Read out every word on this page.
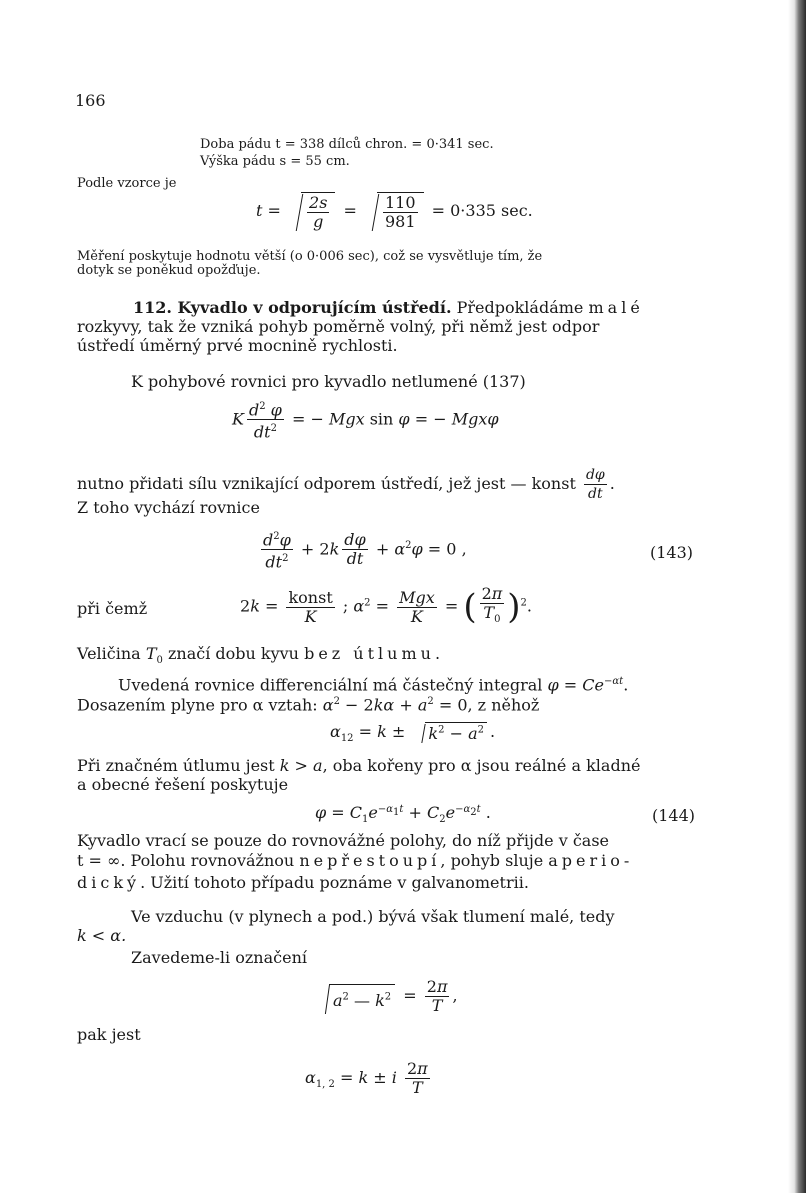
166
Doba pádu t = 338 dílců chron. = 0·341 sec.
Výška pádu s = 55 cm.
Podle vzorce je
$t = \frac{2s}{g} = \frac{110}{981} = 0\cdot 335$ sec.
Měření poskytuje hodnotu větší (o 0·006 sec), což se vysvětluje tím, že
dotyk se poněkud opožďuje.
112. Kyvadlo v odporujícím ústředí. Předpokládáme malé
rozkyvy, tak že vzniká pohyb poměrně volný, při němž jest odpor
ústředí úměrný prvé mocnině rychlosti.
K pohybové rovnici pro kyvadlo netlumené (137)
K $\frac{d^2 \varphi}{dt^2}$ = − Mgx sin φ = − Mgxφ
nutno přidati sílu vznikající odporem ústředí, jež jest — konst $\frac{d\varphi}{dt}$ .
Z toho vychází rovnice
$\frac{d^2\varphi}{dt^2} + 2k \frac{d\varphi}{dt} + \alpha^2\varphi = 0$ ,	(143)
při čemž	$2k = \frac{\text{konst}}{K}$ ; $\alpha^2 = \frac{\text{Mgx}}{K}$ = ( $\frac{2\pi}{T_0} )^2$.
Veličina $T_0$ značí dobu kyvu bez útlumu.
Uvedená rovnice differenciální má částečný integral $\varphi = Ce^{-\alpha t}$.
Dosazením plyne pro α vztah: $\alpha^2 - 2k\alpha + a^2 = 0$, z něhož
$\alpha_{12} = k \pm k^2 - a^2$ .
Při značném útlumu jest k > a, oba kořeny pro α jsou reálné a kladné
a obecné řešení poskytuje
$\varphi = C_1e^{-\alpha_1t} + C_2e^{-\alpha_2t}$ .	(144)
Kyvadlo vrací se pouze do rovnovážné polohy, do níž přijde v čase
t = ∞. Polohu rovnovážnou nepřestoupí, pohyb sluje aperio-
dický. Užití tohoto případu poznáme v galvanometrii.
Ve vzduchu (v plynech a pod.) bývá však tlumení malé, tedy
k < α.
Zavedeme-li označení
$a^2$ — $k^2 = \frac{2\pi}{T}$ ,
pak jest
$\alpha_{1, 2} = k \pm i \frac{2\pi}{T}$
